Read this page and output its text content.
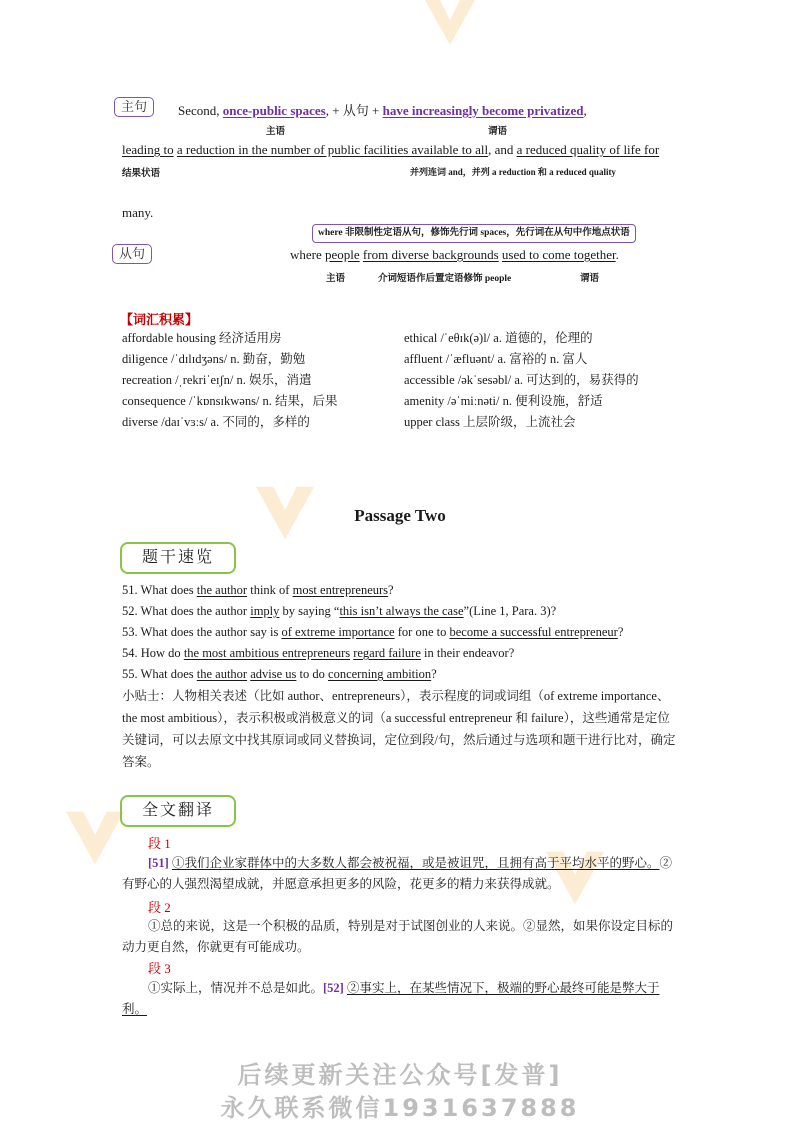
主句	Second, once-public spaces, + 从句 + have increasingly become privatized,
主语	谓语
leading to a reduction in the number of public facilities available to all, and a reduced quality of life for
结果状语	并列连词 and，并列 a reduction 和 a reduced quality
many.
where 非限制性定语从句，修饰先行词 spaces，先行词在从句中作地点状语
从句	where people from diverse backgrounds used to come together.
主语	介词短语作后置定语修饰 people	谓语
【词汇积累】
affordable housing 经济适用房
diligence /ˈdɪlɪdʒəns/ n. 勤奋，勤勉
recreation /ˌrekriˈeɪʃn/ n. 娱乐，消遣
consequence /ˈkɒnsɪkwəns/ n. 结果，后果
diverse /daɪˈvɜːs/ a. 不同的，多样的
ethical /ˈeθɪk(ə)l/ a. 道德的，伦理的
affluent /ˈæfluənt/ a. 富裕的 n. 富人
accessible /əkˈsesəbl/ a. 可达到的，易获得的
amenity /əˈmiːnəti/ n. 便利设施，舒适
upper class 上层阶级，上流社会
Passage Two
题干速览
51. What does the author think of most entrepreneurs?
52. What does the author imply by saying “this isn’t always the case”(Line 1, Para. 3)?
53. What does the author say is of extreme importance for one to become a successful entrepreneur?
54. How do the most ambitious entrepreneurs regard failure in their endeavor?
55. What does the author advise us to do concerning ambition?
小贴士：人物相关表述（比如 author、entrepreneurs），表示程度的词或词组（of extreme importance、the most ambitious），表示积极或消极意义的词（a successful entrepreneur 和 failure），这些通常是定位关键词，可以去原文中找其原词或同义替换词，定位到段/句，然后通过与选项和题干进行比对，确定答案。
全文翻译
段 1
[51] ①我们企业家群体中的大多数人都会被祝福，或是被诅咒，且拥有高于平均水平的野心。②有野心的人强烈渴望成就，并愿意承担更多的风险，花更多的精力来获得成就。
段 2
①总的来说，这是一个积极的品质，特别是对于试图创业的人来说。②显然，如果你设定目标的动力更自然，你就更有可能成功。
段 3
①实际上，情况并不总是如此。[52] ②事实上，在某些情况下，极端的野心最终可能是弊大于利。
后续更新关注公众号[发普]
永久联系微信1931637888
